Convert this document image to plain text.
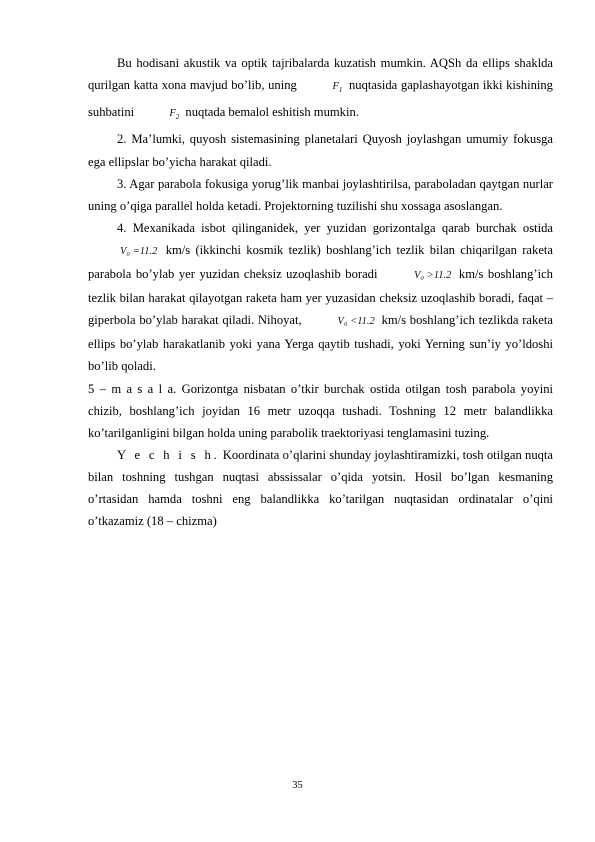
Bu hodisani akustik va optik tajribalarda kuzatish mumkin. AQSh da ellips shaklda qurilgan katta xona mavjud bo’lib, uning	$F_1$ nuqtasida gaplashayotgan ikki kishining suhbatini	$F_2$ nuqtada bemalol eshitish mumkin.

2. Ma’lumki, quyosh sistemasining planetalari Quyosh joylashgan umumiy fokusga ega ellipslar bo’yicha harakat qiladi.

3. Agar parabola fokusiga yorug’lik manbai joylashtirilsa, paraboladan qaytgan nurlar uning o’qiga parallel holda ketadi. Projektorning tuzilishi shu xossaga asoslangan.

4. Mexanikada isbot qilinganidek, yer yuzidan gorizontalga qarab burchak ostida V₀ =11.2 km/s (ikkinchi kosmik tezlik) boshlang’ich tezlik bilan chiqarilgan raketa parabola bo’ylab yer yuzidan cheksiz uzoqlashib boradi	V₀ >11.2 km/s boshlang’ich tezlik bilan harakat qilayotgan raketa ham yer yuzasidan cheksiz uzoqlashib boradi, faqat – giperbola bo’ylab harakat qiladi. Nihoyat,	V₀ <11.2 km/s boshlang’ich tezlikda raketa ellips bo’ylab harakatlanib yoki yana Yerga qaytib tushadi, yoki Yerning sun’iy yo’ldoshi bo’lib qoladi.

5 – m a s a l a. Gorizontga nisbatan o’tkir burchak ostida otilgan tosh parabola yoyini chizib, boshlang’ich joyidan 16 metr uzoqqa tushadi. Toshning 12 metr balandlikka ko’tarilganligini bilgan holda uning parabolik traektoriyasi tenglamasini tuzing.

Y e c h i s h. Koordinata o’qlarini shunday joylashtiramizki, tosh otilgan nuqta bilan toshning tushgan nuqtasi abssissalar o’qida yotsin. Hosil bo’lgan kesmaning o’rtasidan hamda toshni eng balandlikka ko’tarilgan nuqtasidan ordinatalar o’qini o’tkazamiz (18 – chizma)

35
